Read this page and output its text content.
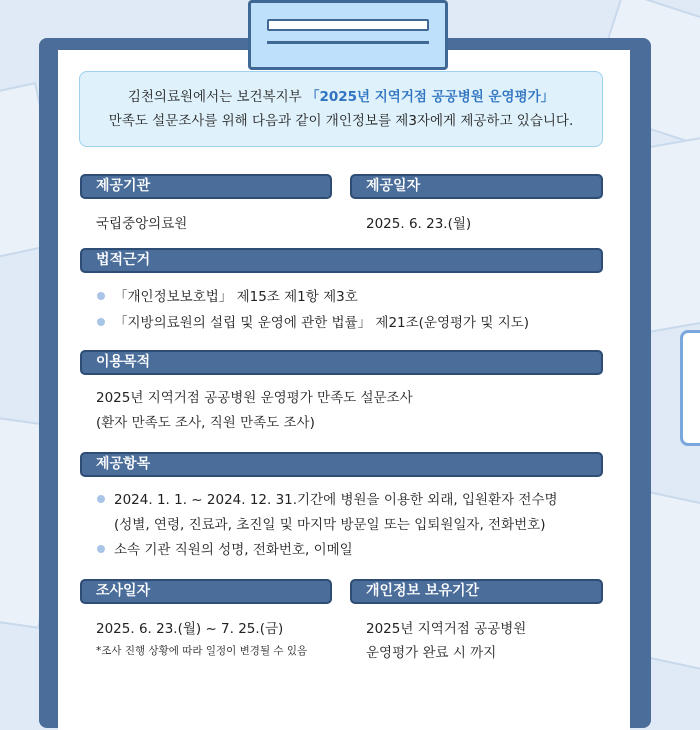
김천의료원에서는 보건복지부 「2025년 지역거점 공공병원 운영평가」
만족도 설문조사를 위해 다음과 같이 개인정보를 제3자에게 제공하고 있습니다.
제공기관
국립중앙의료원
제공일자
2025. 6. 23.(월)
법적근거
「개인정보보호법」 제15조 제1항 제3호
「지방의료원의 설립 및 운영에 관한 법률」 제21조(운영평가 및 지도)
이용목적
2025년 지역거점 공공병원 운영평가 만족도 설문조사
(환자 만족도 조사, 직원 만족도 조사)
제공항목
2024. 1. 1. ~ 2024. 12. 31.기간에 병원을 이용한 외래, 입원환자 전수명
(성별, 연령, 진료과, 초진일 및 마지막 방문일 또는 입퇴원일자, 전화번호)
소속 기관 직원의 성명, 전화번호, 이메일
조사일자
2025. 6. 23.(월) ~ 7. 25.(금)
*조사 진행 상황에 따라 일정이 변경될 수 있음
개인정보 보유기간
2025년 지역거점 공공병원
운영평가 완료 시 까지
